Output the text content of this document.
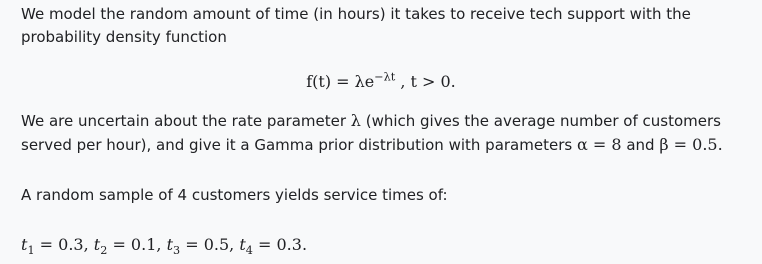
We model the random amount of time (in hours) it takes to receive tech support with the probability density function

$f(t) = \lambda e^{-\lambda t}$ , t > 0.

We are uncertain about the rate parameter λ (which gives the average number of customers served per hour), and give it a Gamma prior distribution with parameters α = 8 and β = 0.5.

A random sample of 4 customers yields service times of:

$t_1 = 0.3$, $t_2 = 0.1$, $t_3 = 0.5$, $t_4 = 0.3$.
